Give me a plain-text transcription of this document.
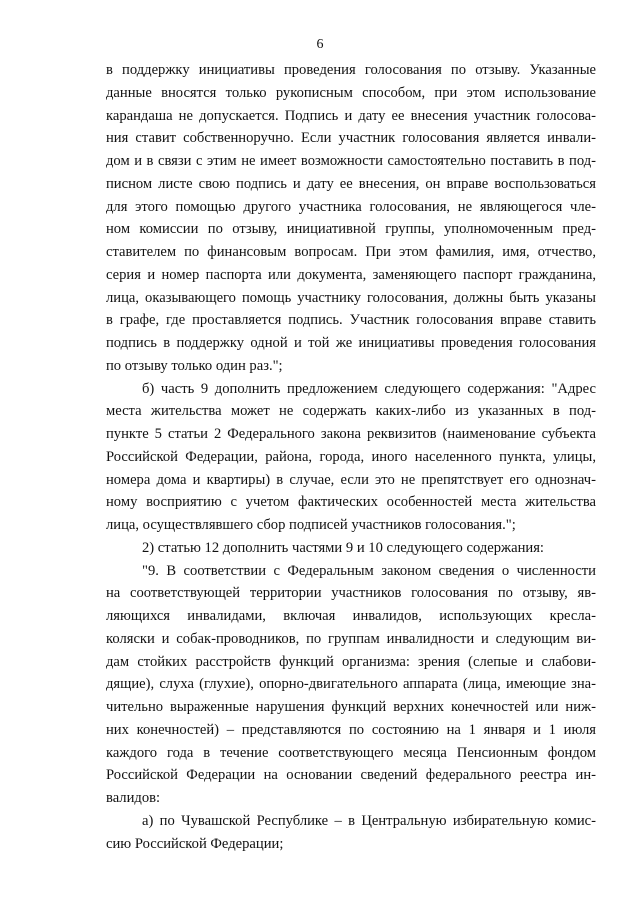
6
в поддержку инициативы проведения голосования по отзыву. Указанные
данные вносятся только рукописным способом, при этом использование
карандаша не допускается. Подпись и дату ее внесения участник голосова-
ния ставит собственноручно. Если участник голосования является инвали-
дом и в связи с этим не имеет возможности самостоятельно поставить в под-
писном листе свою подпись и дату ее внесения, он вправе воспользоваться
для этого помощью другого участника голосования, не являющегося чле-
ном комиссии по отзыву, инициативной группы, уполномоченным пред-
ставителем по финансовым вопросам. При этом фамилия, имя, отчество,
серия и номер паспорта или документа, заменяющего паспорт гражданина,
лица, оказывающего помощь участнику голосования, должны быть указаны
в графе, где проставляется подпись. Участник голосования вправе ставить
подпись в поддержку одной и той же инициативы проведения голосования
по отзыву только один раз.";
б) часть 9 дополнить предложением следующего содержания: "Адрес
места жительства может не содержать каких-либо из указанных в под-
пункте 5 статьи 2 Федерального закона реквизитов (наименование субъекта
Российской Федерации, района, города, иного населенного пункта, улицы,
номера дома и квартиры) в случае, если это не препятствует его однознач-
ному восприятию с учетом фактических особенностей места жительства
лица, осуществлявшего сбор подписей участников голосования.";
2) статью 12 дополнить частями 9 и 10 следующего содержания:
"9. В соответствии с Федеральным законом сведения о численности
на соответствующей территории участников голосования по отзыву, яв-
ляющихся инвалидами, включая инвалидов, использующих кресла-
коляски и собак-проводников, по группам инвалидности и следующим ви-
дам стойких расстройств функций организма: зрения (слепые и слабови-
дящие), слуха (глухие), опорно-двигательного аппарата (лица, имеющие зна-
чительно выраженные нарушения функций верхних конечностей или ниж-
них конечностей) – представляются по состоянию на 1 января и 1 июля
каждого года в течение соответствующего месяца Пенсионным фондом
Российской Федерации на основании сведений федерального реестра ин-
валидов:
а) по Чувашской Республике – в Центральную избирательную комис-
сию Российской Федерации;
